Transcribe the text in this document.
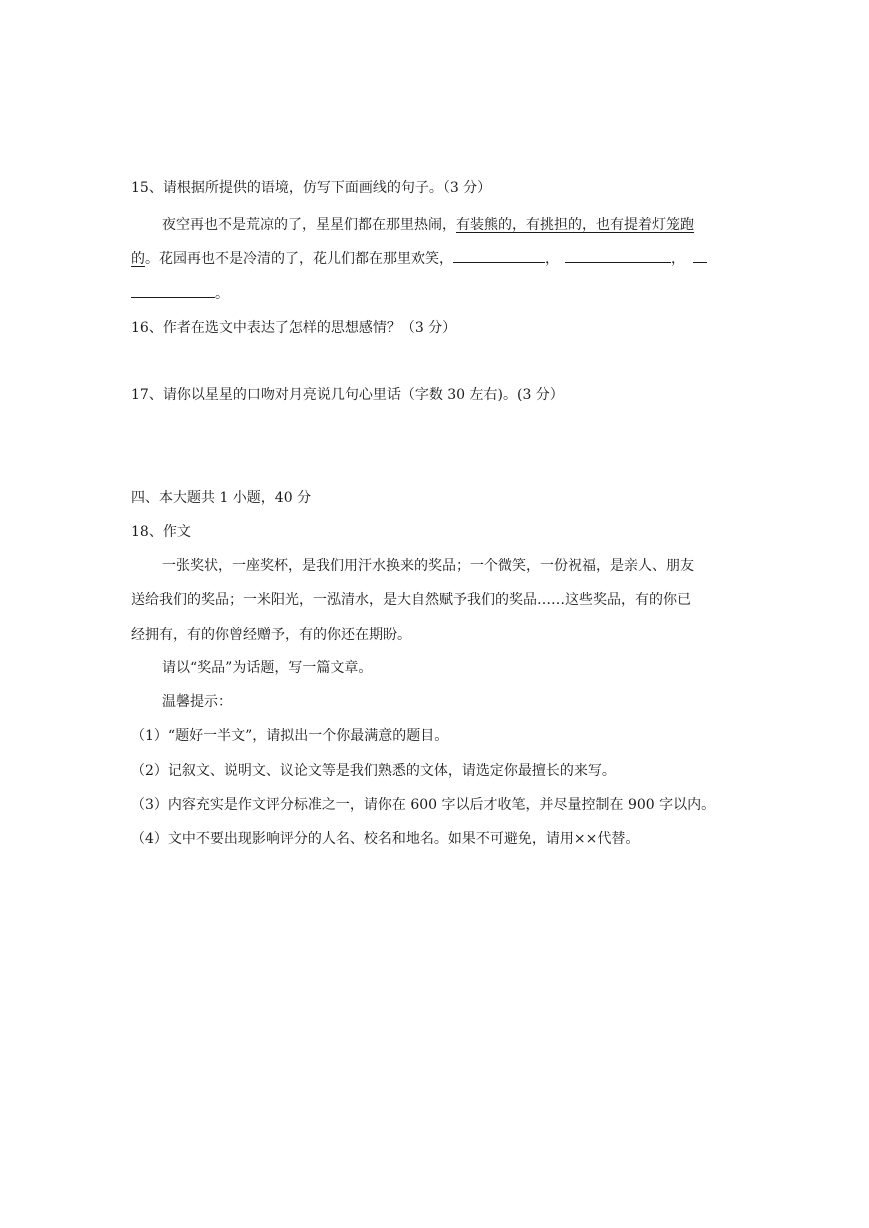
15、请根据所提供的语境，仿写下面画线的句子。（3 分）
夜空再也不是荒凉的了，星星们都在那里热闹，有装熊的，有挑担的，也有提着灯笼跑
的。花园再也不是冷清的了，花儿们都在那里欢笑，	，	，
。
16、作者在选文中表达了怎样的思想感情？（3 分）
17、请你以星星的口吻对月亮说几句心里话（字数 30 左右)。(3 分）
四、本大题共 1 小题，40 分
18、作文
一张奖状，一座奖杯，是我们用汗水换来的奖品；一个微笑，一份祝福，是亲人、朋友
送给我们的奖品；一米阳光，一泓清水，是大自然赋予我们的奖品……这些奖品，有的你已
经拥有，有的你曾经赠予，有的你还在期盼。
请以“奖品”为话题，写一篇文章。
温馨提示：
（1）“题好一半文”，请拟出一个你最满意的题目。
（2）记叙文、说明文、议论文等是我们熟悉的文体，请选定你最擅长的来写。
（3）内容充实是作文评分标准之一，请你在 600 字以后才收笔，并尽量控制在 900 字以内。
（4）文中不要出现影响评分的人名、校名和地名。如果不可避免，请用××代替。
